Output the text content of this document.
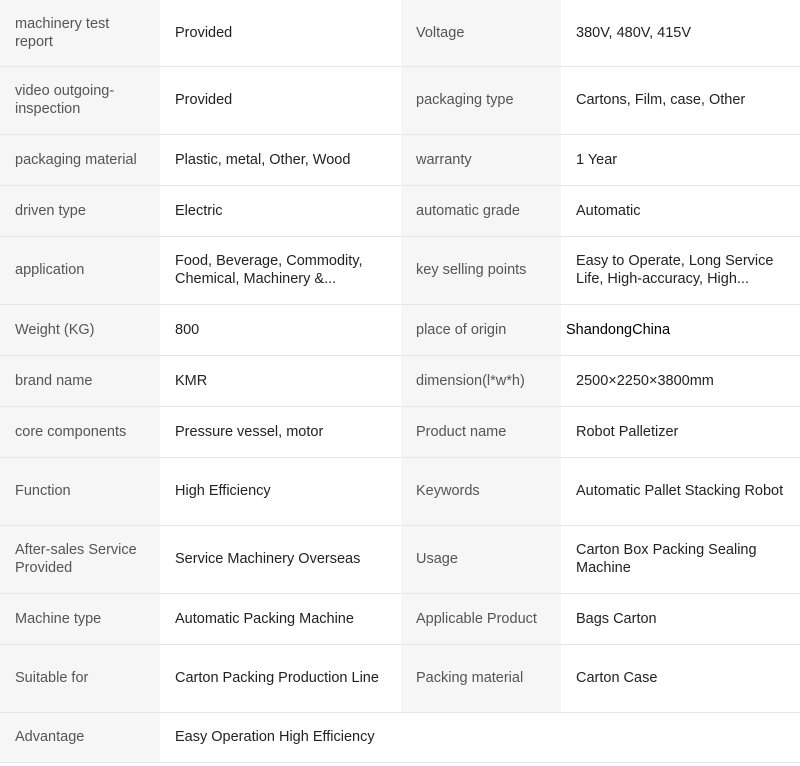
machinery test report	Provided	Voltage	380V, 480V, 415V
video outgoing-inspection	Provided	packaging type	Cartons, Film, case, Other
packaging material	Plastic, metal, Other, Wood	warranty	1 Year
driven type	Electric	automatic grade	Automatic
application	Food, Beverage, Commodity, Chemical, Machinery &...	key selling points	Easy to Operate, Long Service Life, High-accuracy, High...
Weight (KG)	800	place of origin	ShandongChina
brand name	KMR	dimension(l*w*h)	2500×2250×3800mm
core components	Pressure vessel, motor	Product name	Robot Palletizer
Function	High Efficiency	Keywords	Automatic Pallet Stacking Robot
After-sales Service Provided	Service Machinery Overseas	Usage	Carton Box Packing Sealing Machine
Machine type	Automatic Packing Machine	Applicable Product	Bags Carton
Suitable for	Carton Packing Production Line	Packing material	Carton Case
Advantage	Easy Operation High Efficiency		
